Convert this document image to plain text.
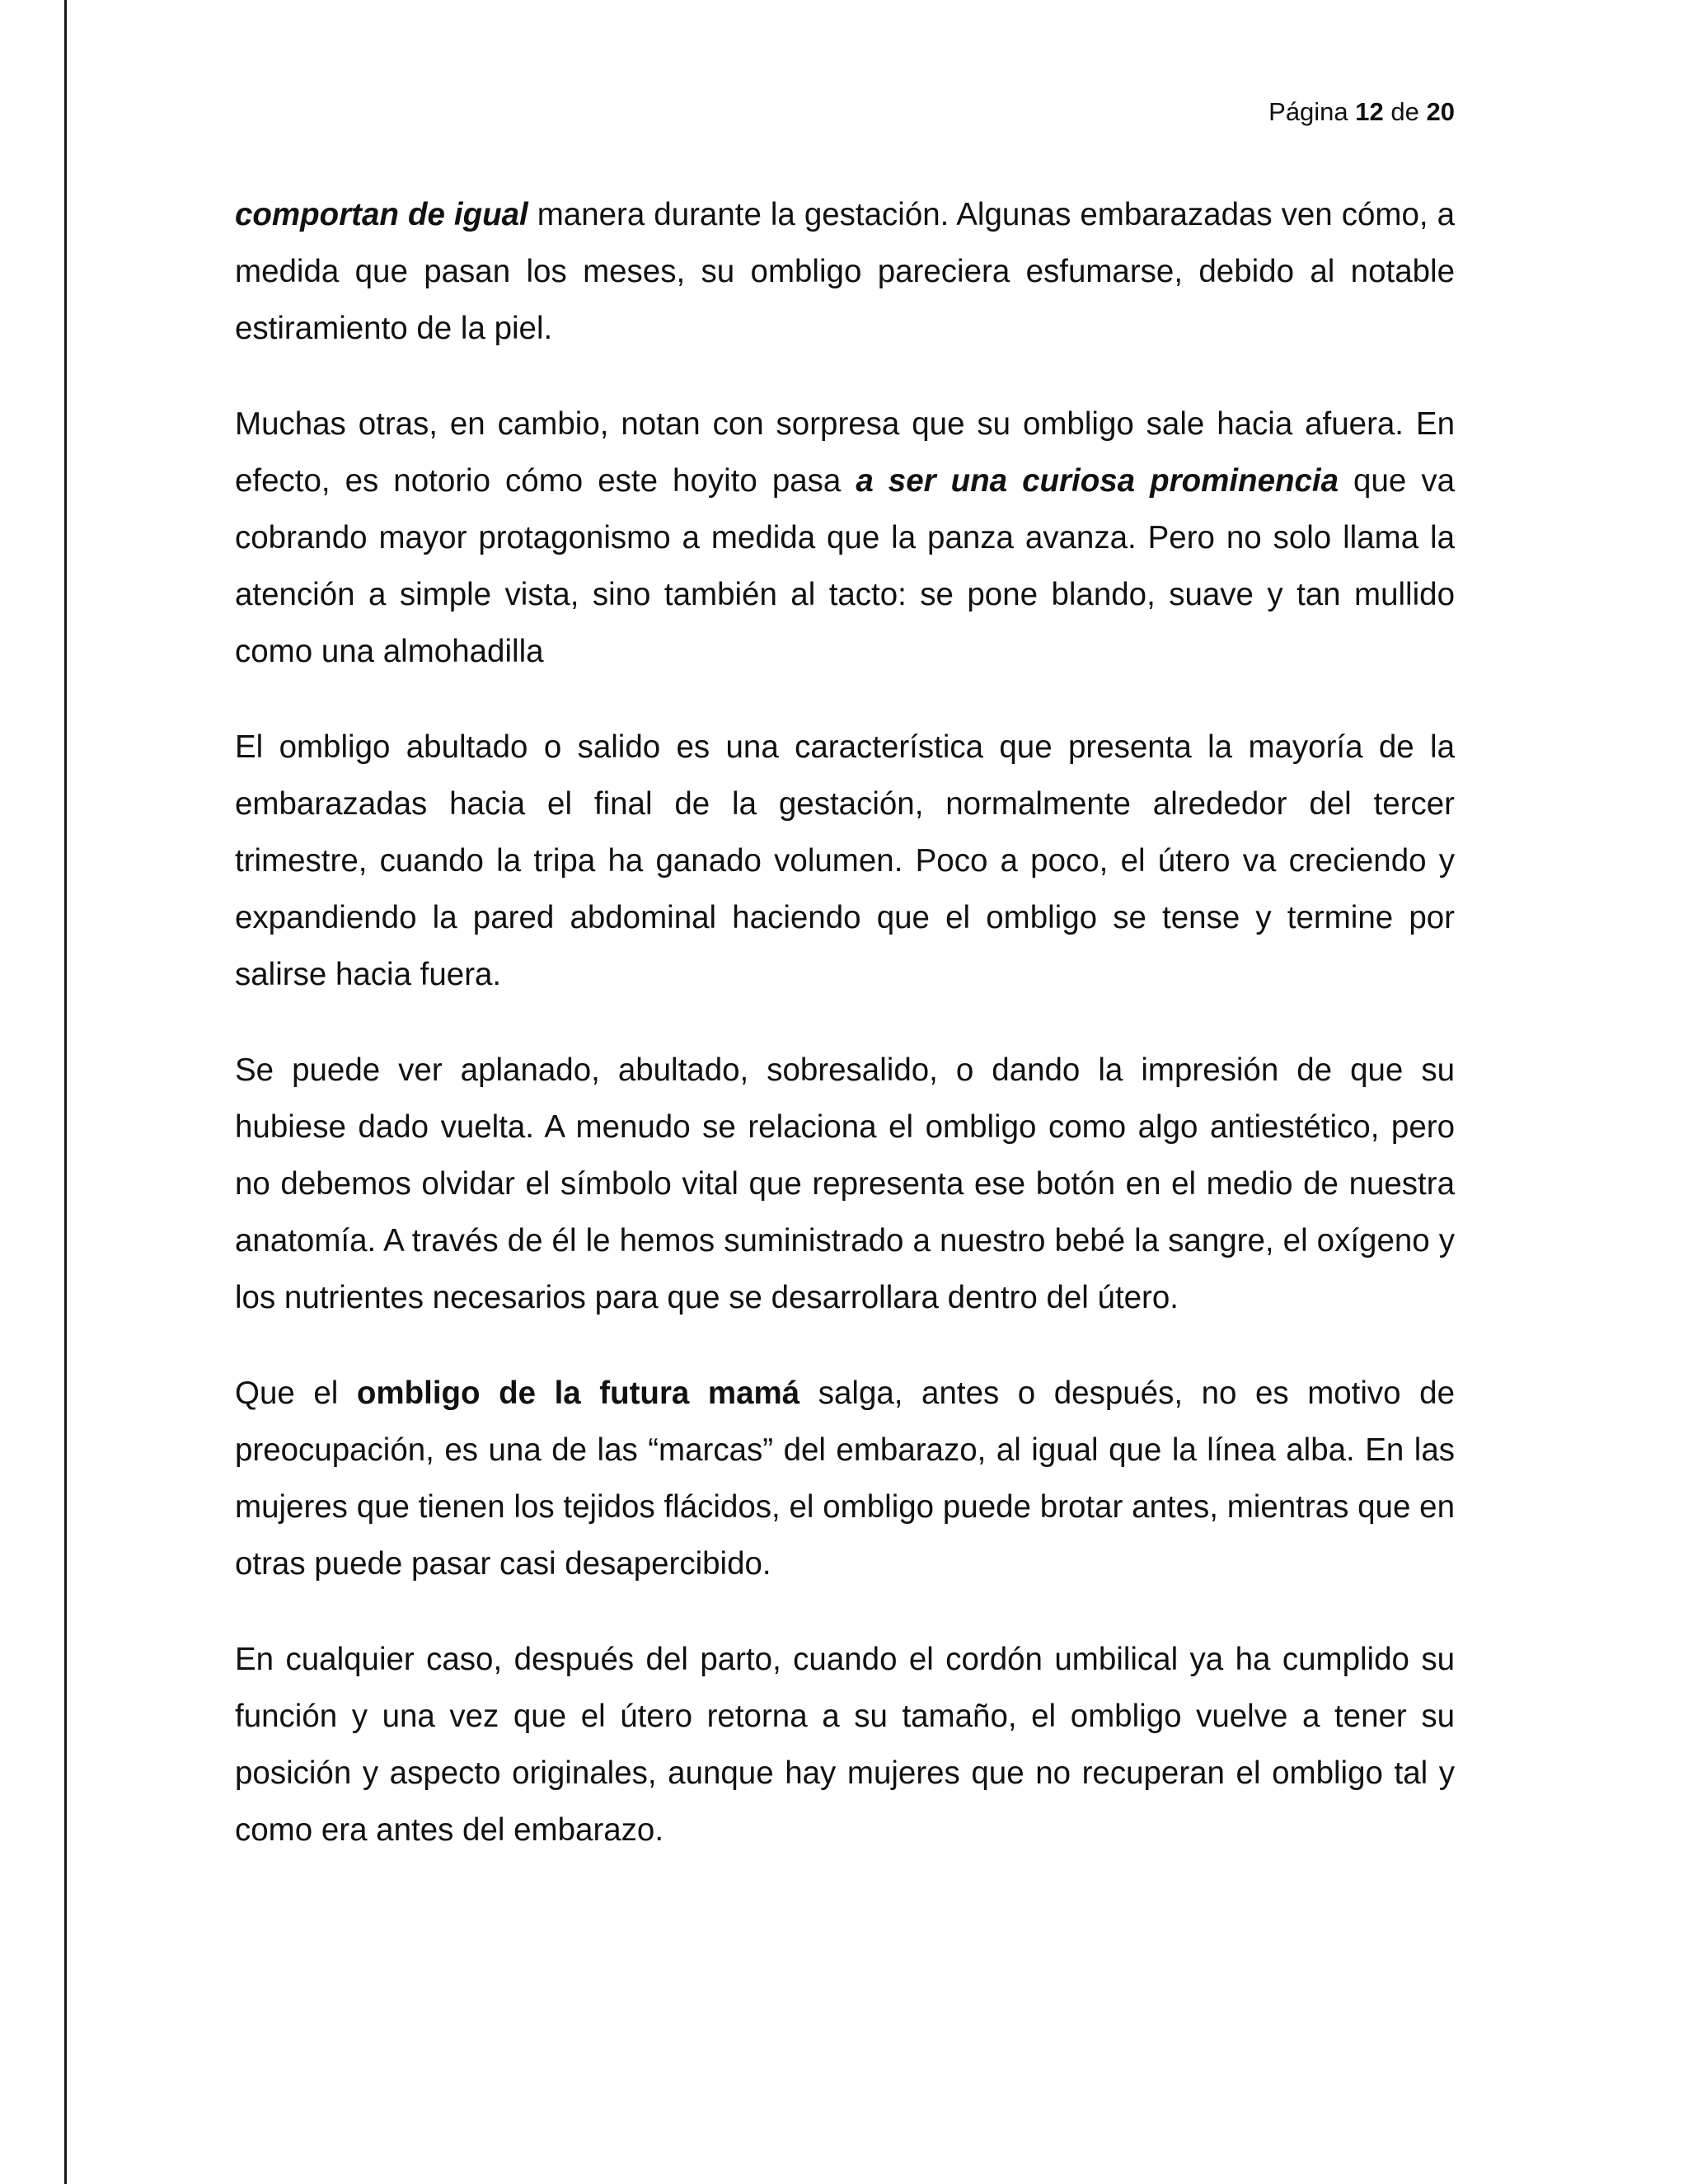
Página 12 de 20

comportan de igual manera durante la gestación. Algunas embarazadas ven cómo, a medida que pasan los meses, su ombligo pareciera esfumarse, debido al notable estiramiento de la piel.

Muchas otras, en cambio, notan con sorpresa que su ombligo sale hacia afuera. En efecto, es notorio cómo este hoyito pasa a ser una curiosa prominencia que va cobrando mayor protagonismo a medida que la panza avanza. Pero no solo llama la atención a simple vista, sino también al tacto: se pone blando, suave y tan mullido como una almohadilla

El ombligo abultado o salido es una característica que presenta la mayoría de la embarazadas hacia el final de la gestación, normalmente alrededor del tercer trimestre, cuando la tripa ha ganado volumen. Poco a poco, el útero va creciendo y expandiendo la pared abdominal haciendo que el ombligo se tense y termine por salirse hacia fuera.

Se puede ver aplanado, abultado, sobresalido, o dando la impresión de que su hubiese dado vuelta. A menudo se relaciona el ombligo como algo antiestético, pero no debemos olvidar el símbolo vital que representa ese botón en el medio de nuestra anatomía. A través de él le hemos suministrado a nuestro bebé la sangre, el oxígeno y los nutrientes necesarios para que se desarrollara dentro del útero.

Que el ombligo de la futura mamá salga, antes o después, no es motivo de preocupación, es una de las “marcas” del embarazo, al igual que la línea alba. En las mujeres que tienen los tejidos flácidos, el ombligo puede brotar antes, mientras que en otras puede pasar casi desapercibido.

En cualquier caso, después del parto, cuando el cordón umbilical ya ha cumplido su función y una vez que el útero retorna a su tamaño, el ombligo vuelve a tener su posición y aspecto originales, aunque hay mujeres que no recuperan el ombligo tal y como era antes del embarazo.
